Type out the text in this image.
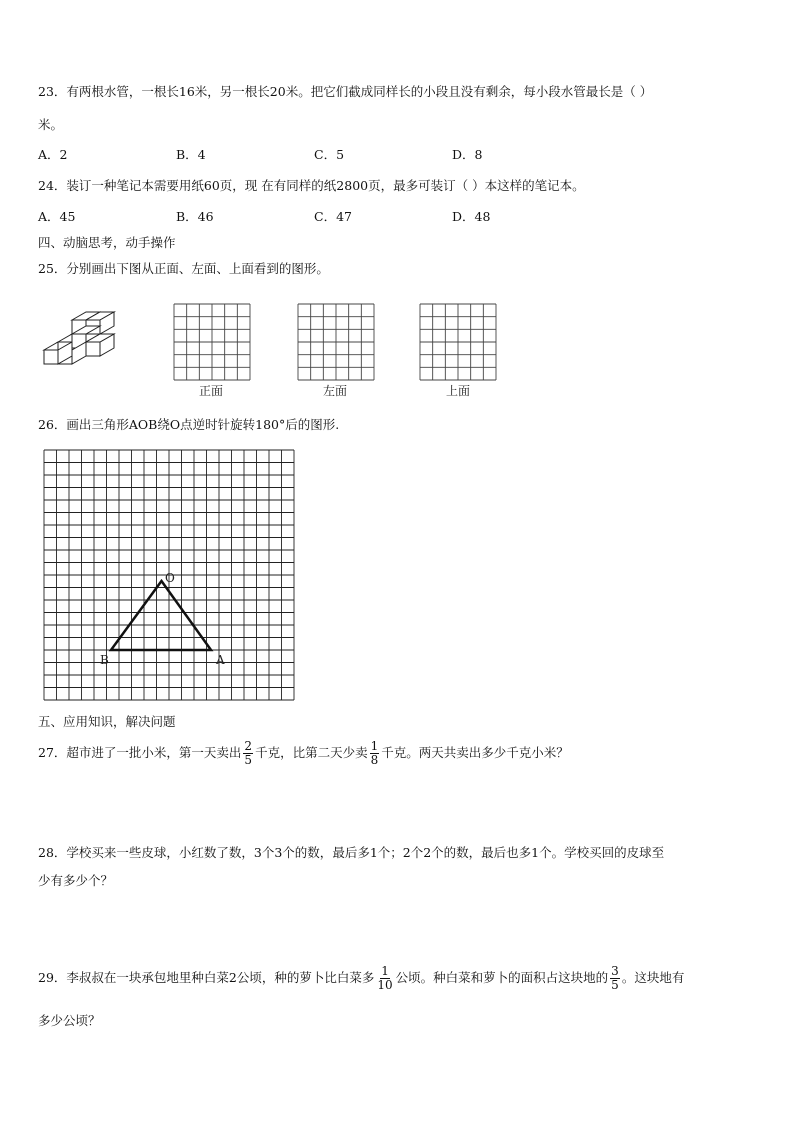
23．有两根水管，一根长16米，另一根长20米。把它们截成同样长的小段且没有剩余，每小段水管最长是（ ）
米。
A．2	B．4	C．5	D．8
24．装订一种笔记本需要用纸60页，现 在有同样的纸2800页，最多可装订（ ）本这样的笔记本。
A．45	B．46	C．47	D．48
四、动脑思考，动手操作
25．分别画出下图从正面、左面、上面看到的图形。
正面	左面	上面
26．画出三角形AOB绕O点逆时针旋转180°后的图形.
O
B	A
五、应用知识，解决问题
27．超市进了一批小米，第一天卖出 $\frac{2}{5}$ 千克，比第二天少卖 $\frac{1}{8}$ 千克。两天共卖出多少千克小米？
28．学校买来一些皮球，小红数了数，3个3个的数，最后多1个；2个2个的数，最后也多1个。学校买回的皮球至
少有多少个？
29．李叔叔在一块承包地里种白菜2公顷，种的萝卜比白菜多 $\frac{1}{10}$ 公顷。种白菜和萝卜的面积占这块地的 $\frac{3}{5}$ 。这块地有
多少公顷？
